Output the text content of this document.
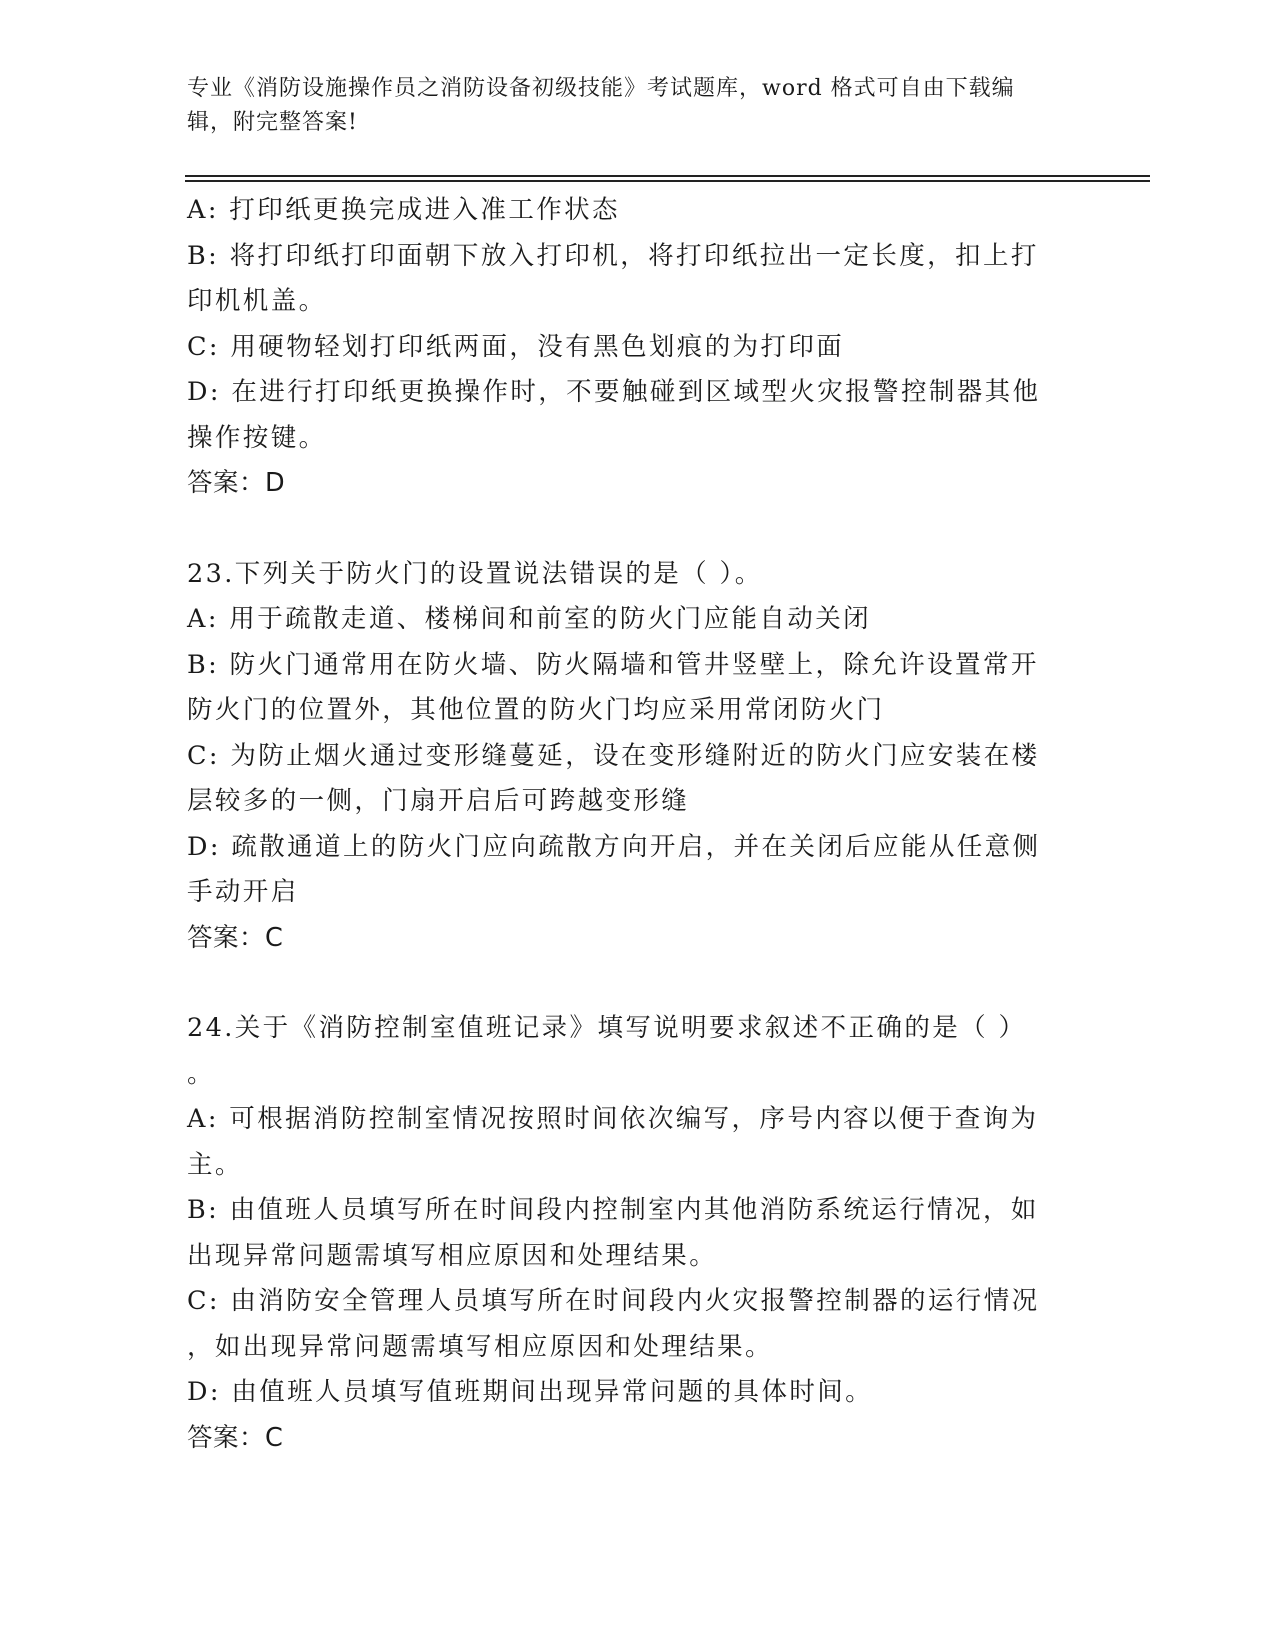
专业《消防设施操作员之消防设备初级技能》考试题库，word 格式可自由下载编
辑，附完整答案!
A: 打印纸更换完成进入准工作状态
B: 将打印纸打印面朝下放入打印机，将打印纸拉出一定长度，扣上打
印机机盖。
C: 用硬物轻划打印纸两面，没有黑色划痕的为打印面
D: 在进行打印纸更换操作时，不要触碰到区域型火灾报警控制器其他
操作按键。
答案：D
23.下列关于防火门的设置说法错误的是（ ）。
A: 用于疏散走道、楼梯间和前室的防火门应能自动关闭
B: 防火门通常用在防火墙、防火隔墙和管井竖壁上，除允许设置常开
防火门的位置外，其他位置的防火门均应采用常闭防火门
C: 为防止烟火通过变形缝蔓延，设在变形缝附近的防火门应安装在楼
层较多的一侧，门扇开启后可跨越变形缝
D: 疏散通道上的防火门应向疏散方向开启，并在关闭后应能从任意侧
手动开启
答案：C
24.关于《消防控制室值班记录》填写说明要求叙述不正确的是（ ）
。
A: 可根据消防控制室情况按照时间依次编写，序号内容以便于查询为
主。
B: 由值班人员填写所在时间段内控制室内其他消防系统运行情况，如
出现异常问题需填写相应原因和处理结果。
C: 由消防安全管理人员填写所在时间段内火灾报警控制器的运行情况
，如出现异常问题需填写相应原因和处理结果。
D: 由值班人员填写值班期间出现异常问题的具体时间。
答案：C
